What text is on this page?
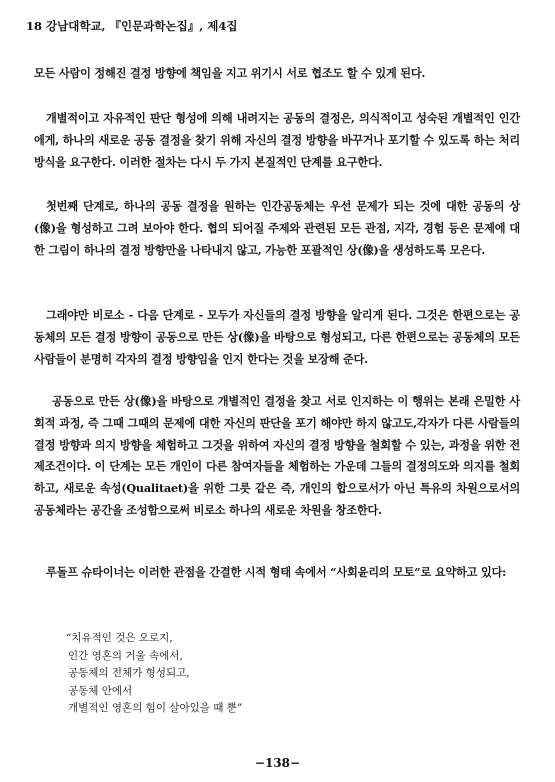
18 강남대학교, 『인문과학논집』, 제4집

모든 사람이 정해진 결정 방향에 책임을 지고 위기시 서로 협조도 할 수 있게 된다.

개별적이고 자유적인 판단 형성에 의해 내려지는 공동의 결정은, 의식적이고 성숙된 개별적인 인간에게, 하나의 새로운 공동 결정을 찾기 위해 자신의 결정 방향을 바꾸거나 포기할 수 있도록 하는 처리 방식을 요구한다. 이러한 절차는 다시 두 가지 본질적인 단계를 요구한다.

첫번째 단계로, 하나의 공동 결정을 원하는 인간공동체는 우선 문제가 되는 것에 대한 공동의 상(像)을 형성하고 그려 보아야 한다. 협의 되어질 주제와 관련된 모든 관점, 지각, 경험 등은 문제에 대한 그림이 하나의 결정 방향만을 나타내지 않고, 가능한 포괄적인 상(像)을 생성하도록 모은다.

그래야만 비로소 - 다음 단계로 - 모두가 자신들의 결정 방향을 알리게 된다. 그것은 한편으로는 공동체의 모든 결정 방향이 공동으로 만든 상(像)을 바탕으로 형성되고, 다른 한편으로는 공동체의 모든 사람들이 분명히 각자의 결정 방향임을 인지 한다는 것을 보장해 준다.

공동으로 만든 상(像)을 바탕으로 개별적인 결정을 찾고 서로 인지하는 이 행위는 본래 은밀한 사회적 과정, 즉 그때 그때의 문제에 대한 자신의 판단을 포기 해야만 하지 않고도,각자가 다른 사람들의 결정 방향과 의지 방향을 체험하고 그것을 위하여 자신의 결정 방향을 철회할 수 있는, 과정을 위한 전제조건이다. 이 단계는 모든 개인이 다른 참여자들을 체험하는 가운데 그들의 결정의도와 의지를 철회하고, 새로운 속성(Qualitaet)을 위한 그릇 같은 즉, 개인의 합으로서가 아닌 특유의 차원으로서의 공동체라는 공간을 조성함으로써 비로소 하나의 새로운 차원을 창조한다.

루돌프 슈타이너는 이러한 관점을 간결한 시적 형태 속에서 “사회윤리의 모토”로 요약하고 있다:

“치유적인 것은 오로지,
인간 영혼의 거울 속에서,
공동체의 전체가 형성되고,
공동체 안에서
개별적인 영혼의 힘이 살아있을 때 뿐”
−138−
